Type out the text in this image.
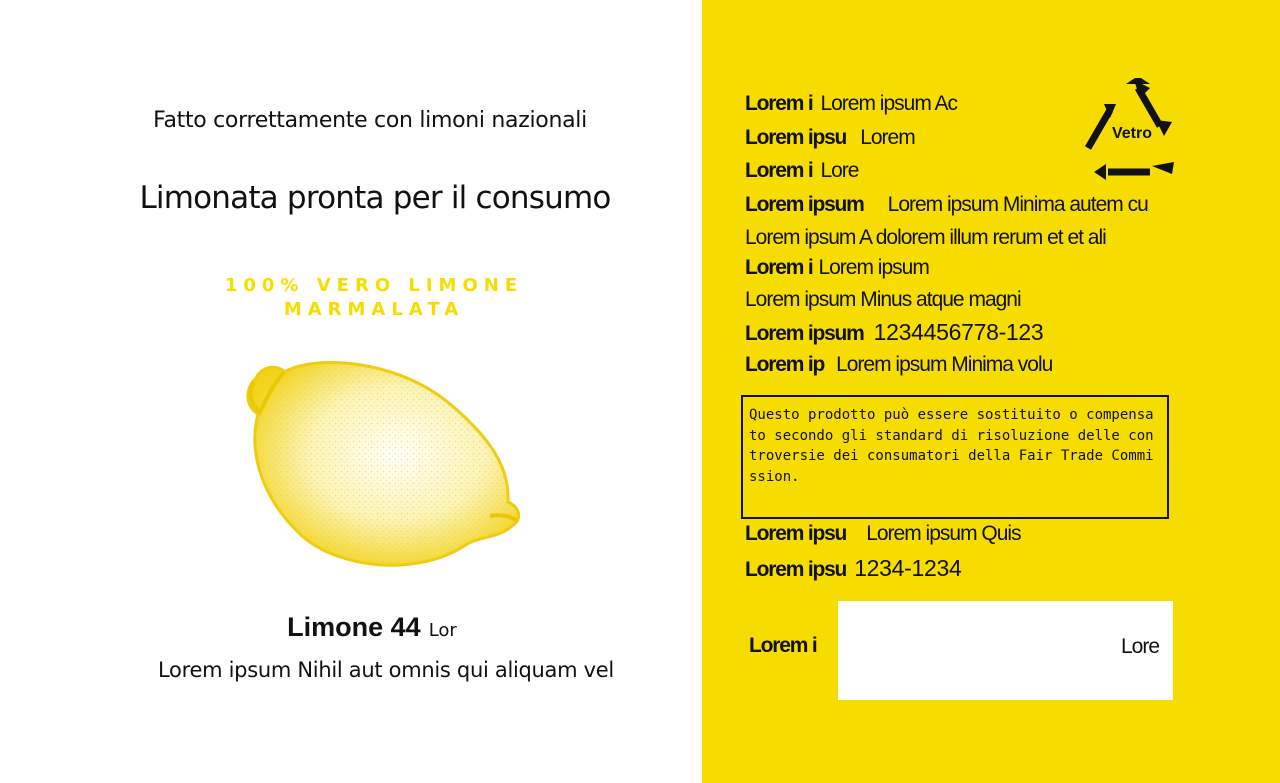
Fatto correttamente con limoni nazionali
Limonata pronta per il consumo
100% VERO LIMONE
MARMALATA
Limone 44 Lor
Lorem ipsum Nihil aut omnis qui aliquam vel
Lorem i Lorem ipsum Ac
Lorem ipsu Lorem
Lorem i Lore
Lorem ipsum Lorem ipsum Minima autem cu
Lorem ipsum A dolorem illum rerum et et ali
Lorem i Lorem ipsum
Lorem ipsum Minus atque magni
Lorem ipsum 1234456778-123
Lorem ip Lorem ipsum Minima volu
Vetro
Questo prodotto può essere sostituito o compensato secondo gli standard di risoluzione delle controversie dei consumatori della Fair Trade Commission.
Lorem ipsu Lorem ipsum Quis
Lorem ipsu 1234-1234
Lorem i	Lore
